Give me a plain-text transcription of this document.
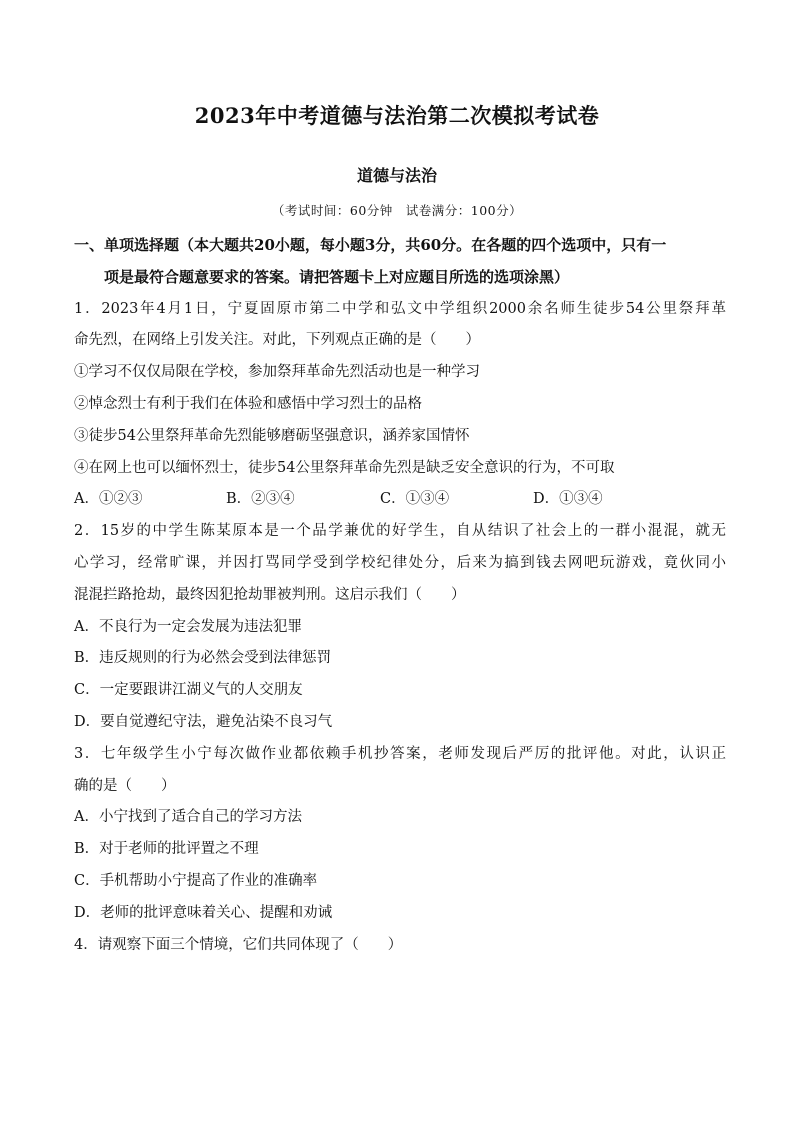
2023年中考道德与法治第二次模拟考试卷
道德与法治
（考试时间：60分钟　试卷满分：100分）
一、单项选择题（本大题共20小题，每小题3分，共60分。在各题的四个选项中，只有一
项是最符合题意要求的答案。请把答题卡上对应题目所选的选项涂黑）
1．2023年4月1日，宁夏固原市第二中学和弘文中学组织2000余名师生徒步54公里祭拜革
命先烈，在网络上引发关注。对此，下列观点正确的是（　　）
①学习不仅仅局限在学校，参加祭拜革命先烈活动也是一种学习
②悼念烈士有利于我们在体验和感悟中学习烈士的品格
③徒步54公里祭拜革命先烈能够磨砺坚强意识，涵养家国情怀
④在网上也可以缅怀烈士，徒步54公里祭拜革命先烈是缺乏安全意识的行为，不可取
A．①②③	B．②③④	C．①③④	D．①③④
2．15岁的中学生陈某原本是一个品学兼优的好学生，自从结识了社会上的一群小混混，就无
心学习，经常旷课，并因打骂同学受到学校纪律处分，后来为搞到钱去网吧玩游戏，竟伙同小
混混拦路抢劫，最终因犯抢劫罪被判刑。这启示我们（　　）
A．不良行为一定会发展为违法犯罪
B．违反规则的行为必然会受到法律惩罚
C．一定要跟讲江湖义气的人交朋友
D．要自觉遵纪守法，避免沾染不良习气
3．七年级学生小宁每次做作业都依赖手机抄答案，老师发现后严厉的批评他。对此，认识正
确的是（　　）
A．小宁找到了适合自己的学习方法
B．对于老师的批评置之不理
C．手机帮助小宁提高了作业的准确率
D．老师的批评意味着关心、提醒和劝诫
4．请观察下面三个情境，它们共同体现了（　　）
